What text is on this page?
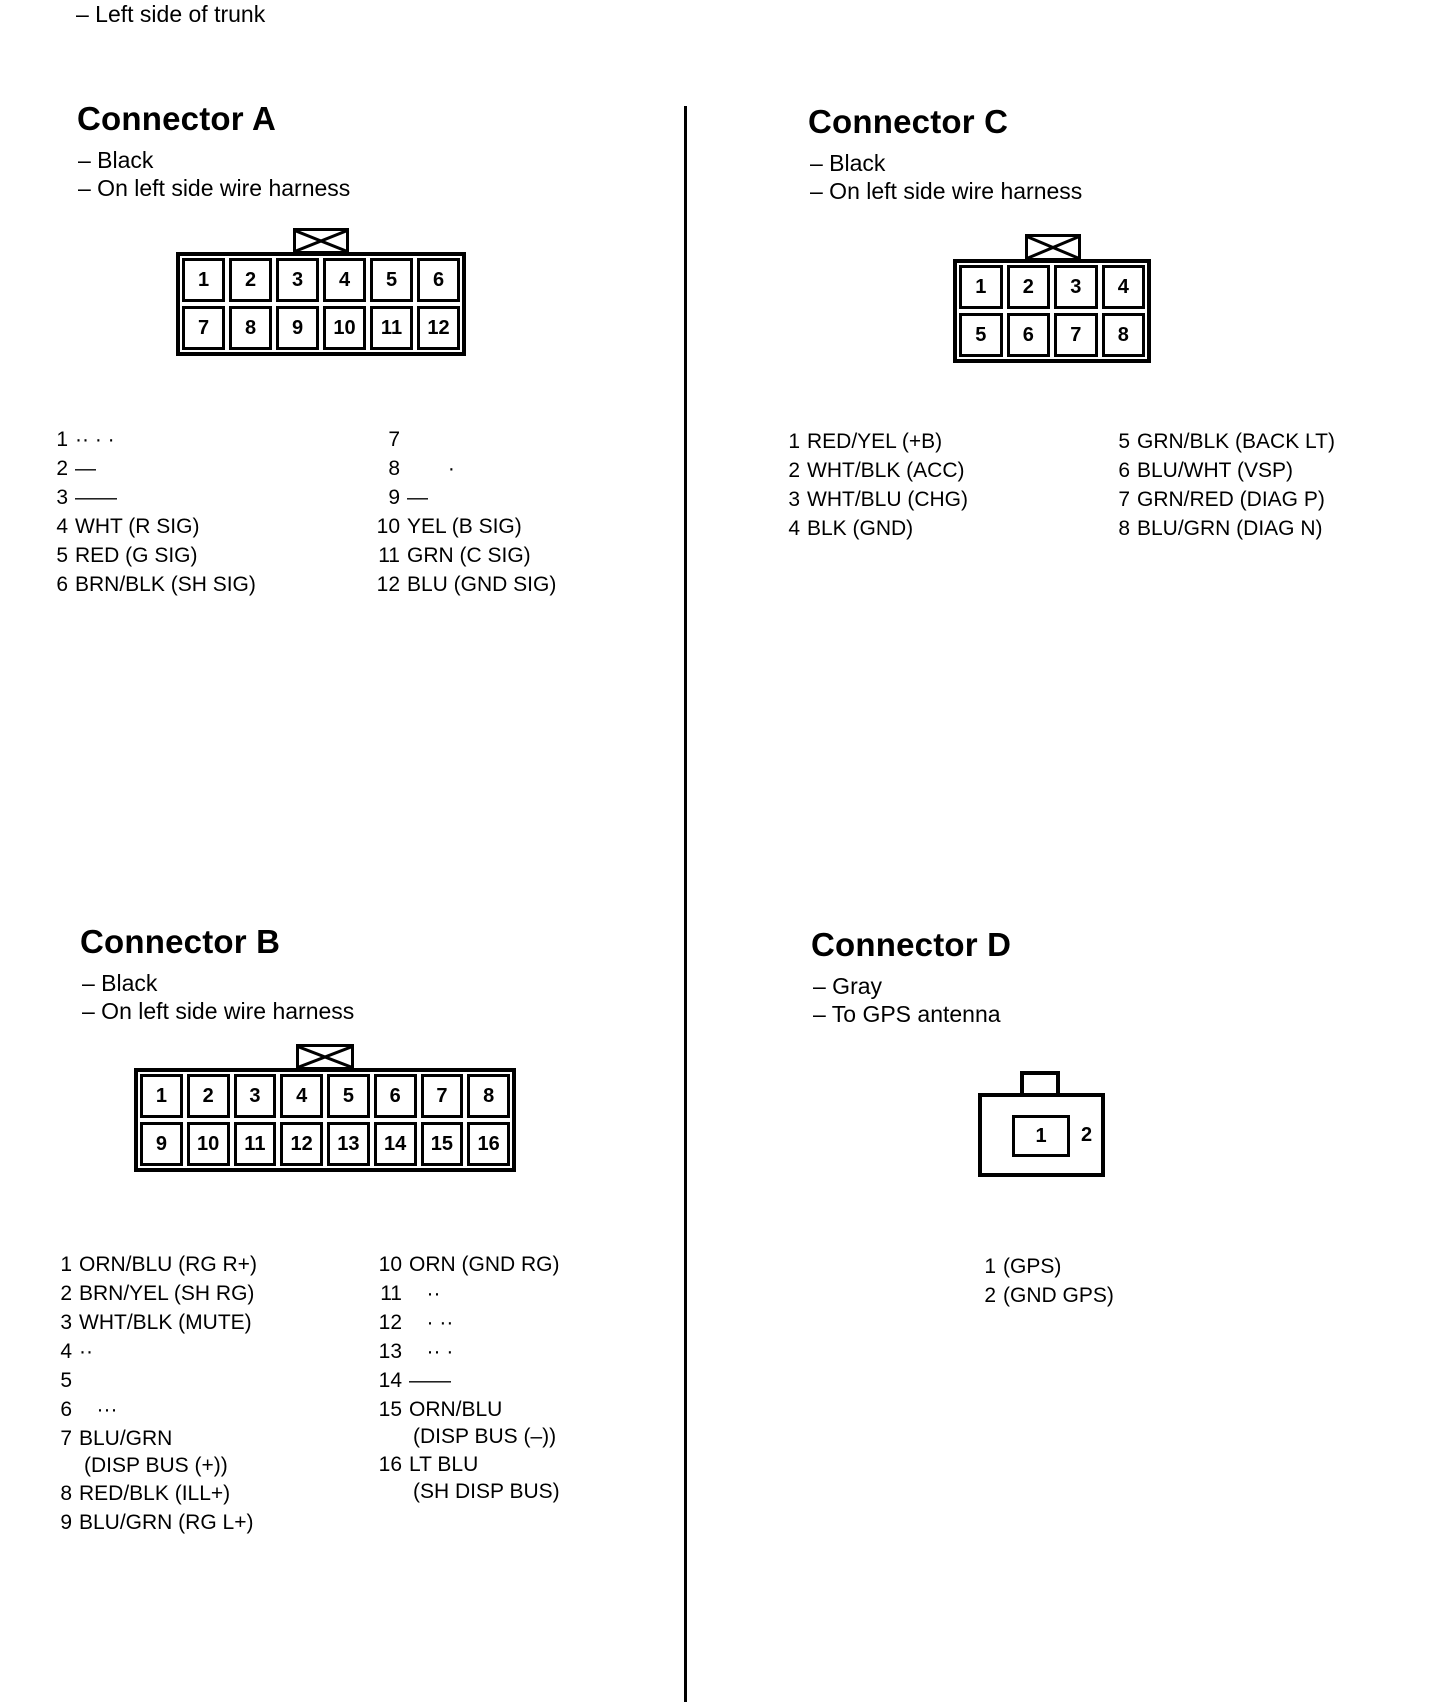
– Left side of trunk
Connector A
– Black
– On left side wire harness
1	2	3	4	5	6
7	8	9	10	11	12
1 ·· · ·
2 —
3 ——
4 WHT (R SIG)
5 RED (G SIG)
6 BRN/BLK (SH SIG)
7
8 ·
9 —
10 YEL (B SIG)
11 GRN (C SIG)
12 BLU (GND SIG)
Connector C
– Black
– On left side wire harness
1	2	3	4
5	6	7	8
1 RED/YEL (+B)
2 WHT/BLK (ACC)
3 WHT/BLU (CHG)
4 BLK (GND)
5 GRN/BLK (BACK LT)
6 BLU/WHT (VSP)
7 GRN/RED (DIAG P)
8 BLU/GRN (DIAG N)
Connector B
– Black
– On left side wire harness
1	2	3	4	5	6	7	8
9	10	11	12	13	14	15	16
1 ORN/BLU (RG R+)
2 BRN/YEL (SH RG)
3 WHT/BLK (MUTE)
4 ··
5
6 ···
7 BLU/GRN
(DISP BUS (+))
8 RED/BLK (ILL+)
9 BLU/GRN (RG L+)
10 ORN (GND RG)
11 ··
12 · ··
13 ·· ·
14 ——
15 ORN/BLU
(DISP BUS (–))
16 LT BLU
(SH DISP BUS)
Connector D
– Gray
– To GPS antenna
1	2
1 (GPS)
2 (GND GPS)
